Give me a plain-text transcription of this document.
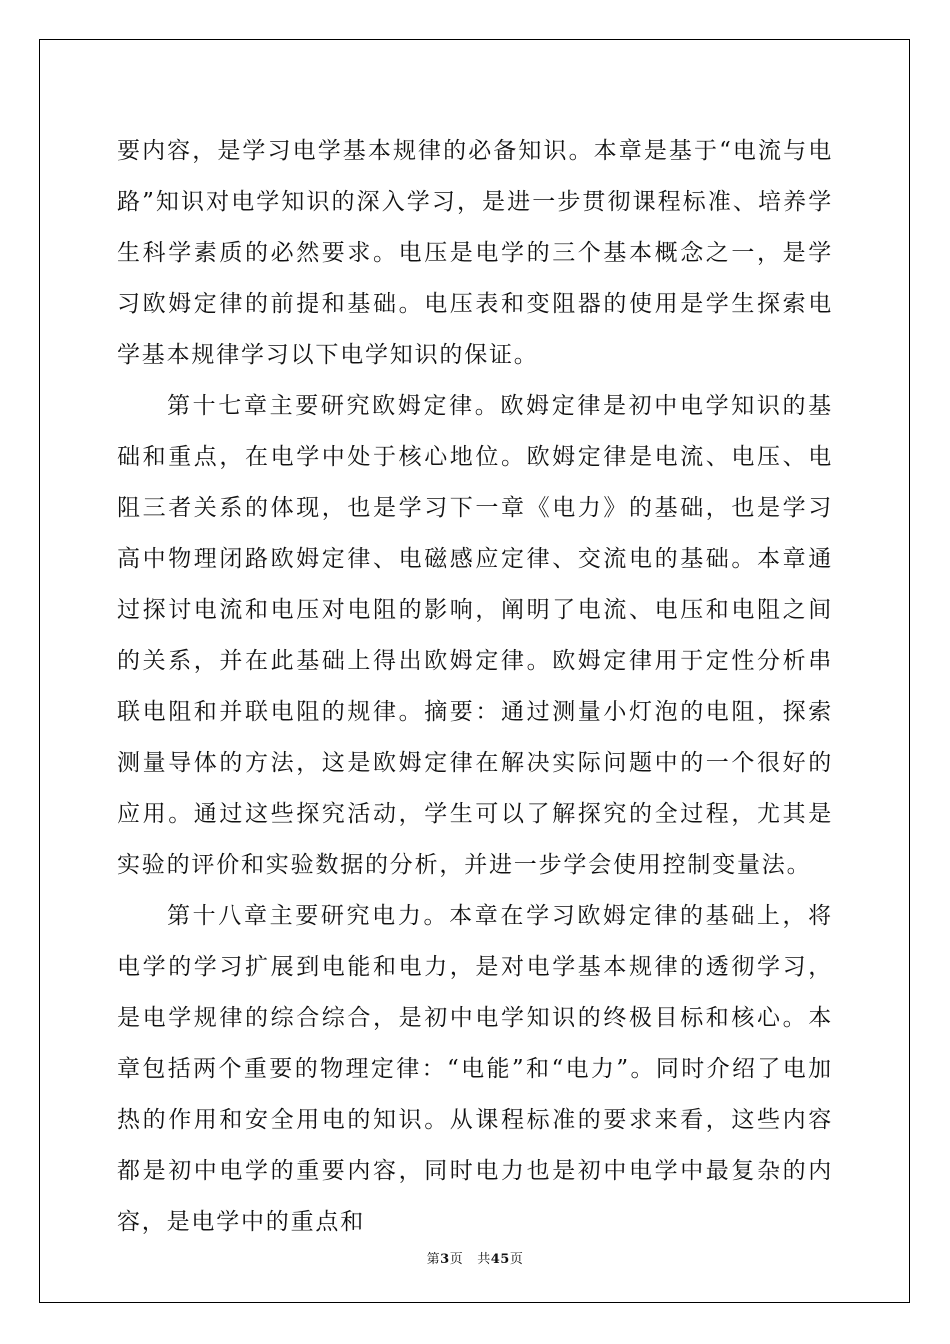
要内容，是学习电学基本规律的必备知识。本章是基于“电流与电路”知识对电学知识的深入学习，是进一步贯彻课程标准、培养学生科学素质的必然要求。电压是电学的三个基本概念之一，是学习欧姆定律的前提和基础。电压表和变阻器的使用是学生探索电学基本规律学习以下电学知识的保证。

第十七章主要研究欧姆定律。欧姆定律是初中电学知识的基础和重点，在电学中处于核心地位。欧姆定律是电流、电压、电阻三者关系的体现，也是学习下一章《电力》的基础，也是学习高中物理闭路欧姆定律、电磁感应定律、交流电的基础。本章通过探讨电流和电压对电阻的影响，阐明了电流、电压和电阻之间的关系，并在此基础上得出欧姆定律。欧姆定律用于定性分析串联电阻和并联电阻的规律。摘要：通过测量小灯泡的电阻，探索测量导体的方法，这是欧姆定律在解决实际问题中的一个很好的应用。通过这些探究活动，学生可以了解探究的全过程，尤其是实验的评价和实验数据的分析，并进一步学会使用控制变量法。

第十八章主要研究电力。本章在学习欧姆定律的基础上，将电学的学习扩展到电能和电力，是对电学基本规律的透彻学习，是电学规律的综合综合，是初中电学知识的终极目标和核心。本章包括两个重要的物理定律：“电能”和“电力”。同时介绍了电加热的作用和安全用电的知识。从课程标准的要求来看，这些内容都是初中电学的重要内容，同时电力也是初中电学中最复杂的内容，是电学中的重点和

第3页 共45页
